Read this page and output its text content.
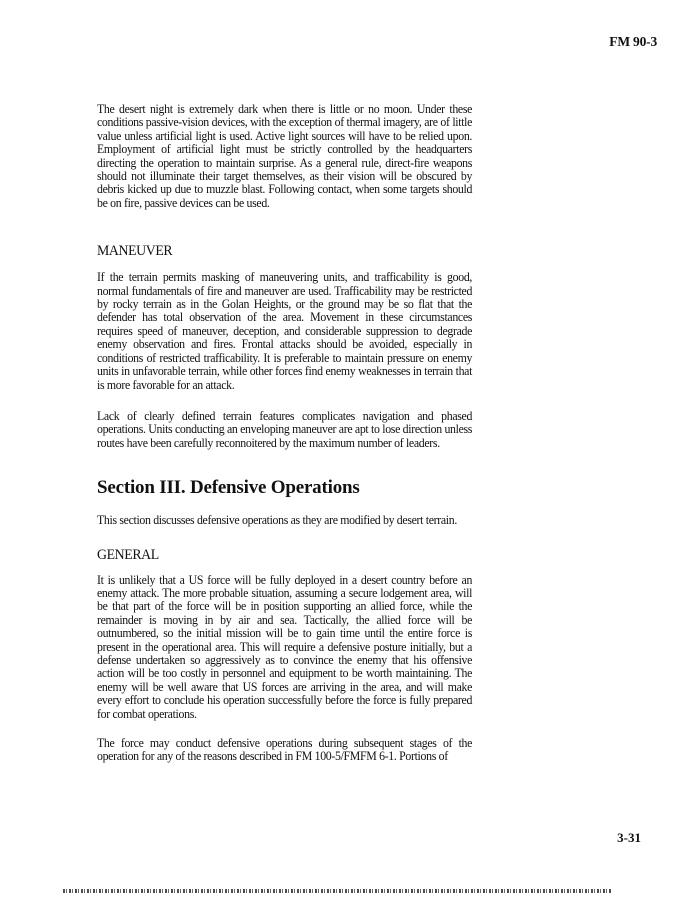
FM 90-3

The desert night is extremely dark when there is little or no moon. Under these conditions passive-vision devices, with the exception of thermal imagery, are of little value unless artificial light is used. Active light sources will have to be relied upon. Employment of artificial light must be strictly controlled by the headquarters directing the operation to maintain surprise. As a general rule, direct-fire weapons should not illuminate their target themselves, as their vision will be obscured by debris kicked up due to muzzle blast. Following contact, when some targets should be on fire, passive devices can be used.

MANEUVER

If the terrain permits masking of maneuvering units, and trafficability is good, normal fundamentals of fire and maneuver are used. Trafficability may be restricted by rocky terrain as in the Golan Heights, or the ground may be so flat that the defender has total observation of the area. Movement in these circumstances requires speed of maneuver, deception, and considerable suppression to degrade enemy observation and fires. Frontal attacks should be avoided, especially in conditions of restricted trafficability. It is preferable to maintain pressure on enemy units in unfavorable terrain, while other forces find enemy weaknesses in terrain that is more favorable for an attack.

Lack of clearly defined terrain features complicates navigation and phased operations. Units conducting an enveloping maneuver are apt to lose direction unless routes have been carefully reconnoitered by the maximum number of leaders.

Section III. Defensive Operations

This section discusses defensive operations as they are modified by desert terrain.

GENERAL

It is unlikely that a US force will be fully deployed in a desert country before an enemy attack. The more probable situation, assuming a secure lodgement area, will be that part of the force will be in position supporting an allied force, while the remainder is moving in by air and sea. Tactically, the allied force will be outnumbered, so the initial mission will be to gain time until the entire force is present in the operational area. This will require a defensive posture initially, but a defense undertaken so aggressively as to convince the enemy that his offensive action will be too costly in personnel and equipment to be worth maintaining. The enemy will be well aware that US forces are arriving in the area, and will make every effort to conclude his operation successfully before the force is fully prepared for combat operations.

The force may conduct defensive operations during subsequent stages of the operation for any of the reasons described in FM 100-5/FMFM 6-1. Portions of

3-31
